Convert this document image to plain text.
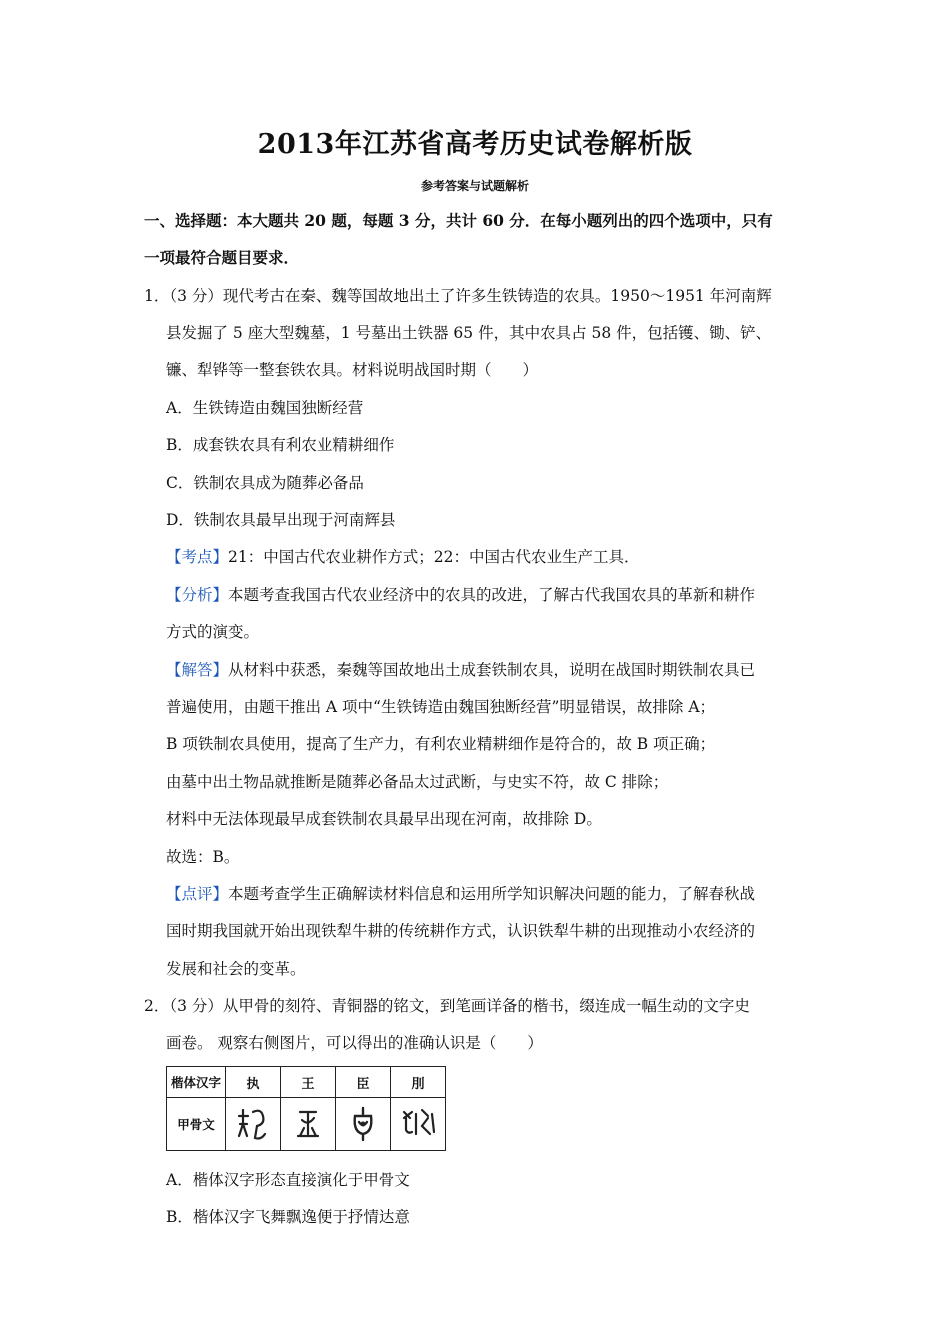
2013年江苏省高考历史试卷解析版
参考答案与试题解析
一、选择题：本大题共 20 题，每题 3 分，共计 60 分．在每小题列出的四个选项中，只有
一项最符合题目要求．
1．（3 分）现代考古在秦、魏等国故地出土了许多生铁铸造的农具。1950～1951 年河南辉
县发掘了 5 座大型魏墓，1 号墓出土铁器 65 件，其中农具占 58 件，包括镬、锄、铲、
镰、犁铧等一整套铁农具。材料说明战国时期（　　）
A．生铁铸造由魏国独断经营
B．成套铁农具有利农业精耕细作
C．铁制农具成为随葬必备品
D．铁制农具最早出现于河南辉县
【考点】21：中国古代农业耕作方式；22：中国古代农业生产工具．
【分析】本题考查我国古代农业经济中的农具的改进，了解古代我国农具的革新和耕作
方式的演变。
【解答】从材料中获悉，秦魏等国故地出土成套铁制农具，说明在战国时期铁制农具已
普遍使用，由题干推出 A 项中“生铁铸造由魏国独断经营”明显错误，故排除 A；
B 项铁制农具使用，提高了生产力，有利农业精耕细作是符合的，故 B 项正确；
由墓中出土物品就推断是随葬必备品太过武断，与史实不符，故 C 排除；
材料中无法体现最早成套铁制农具最早出现在河南，故排除 D。
故选：B。
【点评】本题考查学生正确解读材料信息和运用所学知识解决问题的能力，了解春秋战
国时期我国就开始出现铁犁牛耕的传统耕作方式，认识铁犁牛耕的出现推动小农经济的
发展和社会的变革。
2．（3 分）从甲骨的刻符、青铜器的铭文，到笔画详备的楷书，缀连成一幅生动的文字史
画卷。 观察右侧图片，可以得出的准确认识是（　　）
楷体汉字	执	王	臣	刖
甲骨文	

A．楷体汉字形态直接演化于甲骨文
B．楷体汉字飞舞飘逸便于抒情达意
